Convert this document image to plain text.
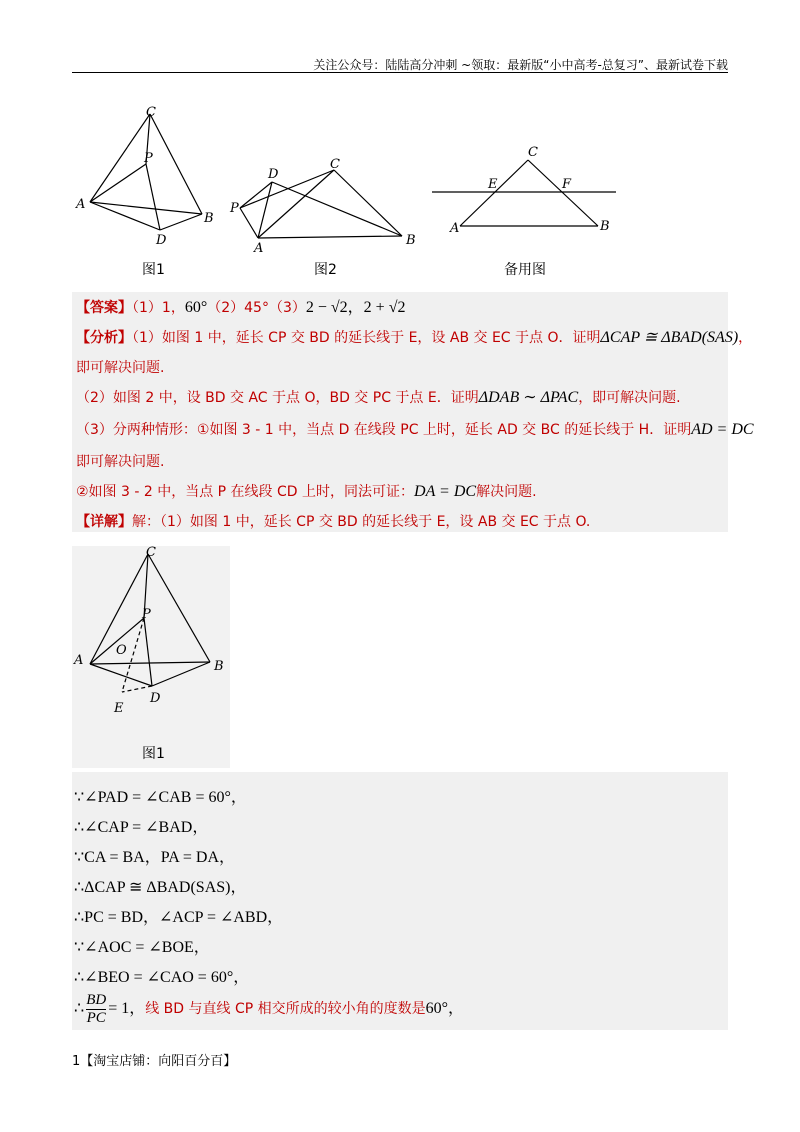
关注公众号：陆陆高分冲刺 ~领取：最新版“小中高考-总复习”、最新试卷下载
C
P
A
B
D
图1
C
D
P
A
B
图2
C
E	F
A	B
备用图
【答案】（1）1，60°（2）45°（3）2 − √2，2 + √2
【分析】（1）如图 1 中，延长 CP 交 BD 的延长线于 E，设 AB 交 EC 于点 O．证明ΔCAP ≅ ΔBAD(SAS)，
即可解决问题.
（2）如图 2 中，设 BD 交 AC 于点 O，BD 交 PC 于点 E．证明ΔDAB ∼ ΔPAC，即可解决问题.
（3）分两种情形：①如图 3 - 1 中，当点 D 在线段 PC 上时，延长 AD 交 BC 的延长线于 H．证明AD = DC
即可解决问题.
②如图 3 - 2 中，当点 P 在线段 CD 上时，同法可证：DA = DC解决问题.
【详解】解：（1）如图 1 中，延长 CP 交 BD 的延长线于 E，设 AB 交 EC 于点 O.
C
P
O
A	B
D
E
图1
∵∠PAD = ∠CAB = 60°，
∴∠CAP = ∠BAD，
∵CA = BA，PA = DA，
∴ΔCAP ≅ ΔBAD(SAS)，
∴PC = BD，∠ACP = ∠ABD，
∵∠AOC = ∠BOE，
∴∠BEO = ∠CAO = 60°，
∴ $\frac{BD}{PC} = 1$，线 BD 与直线 CP 相交所成的较小角的度数是60°，
1【淘宝店铺：向阳百分百】
